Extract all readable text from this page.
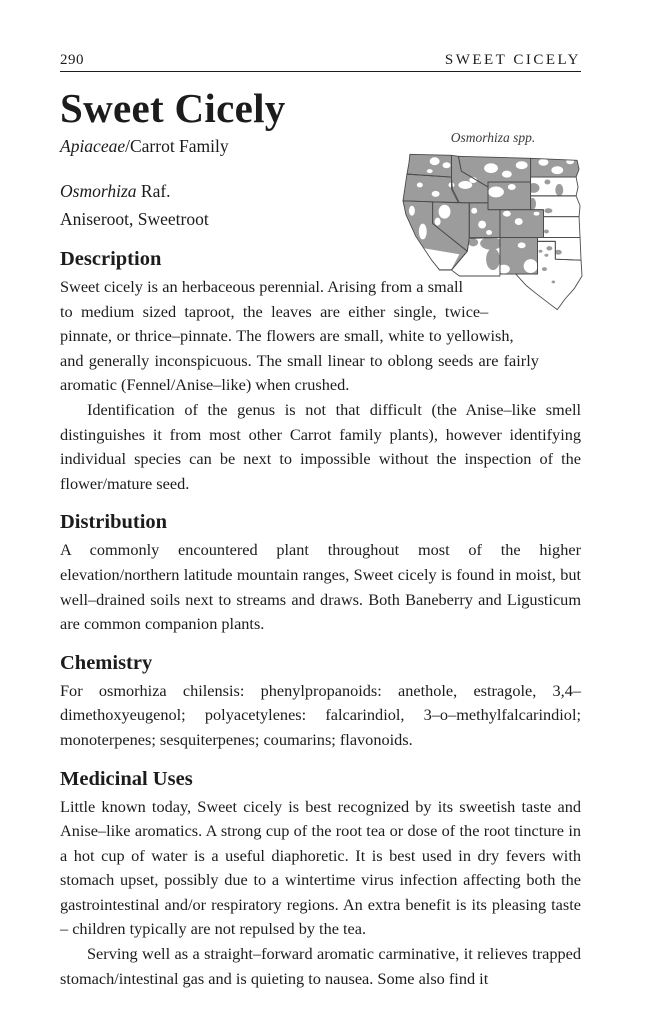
290	SWEET CICELY
Sweet Cicely

Apiaceae/Carrot Family	Osmorhiza spp.

Osmorhiza Raf.

Aniseroot, Sweetroot

Description

Sweet cicely is an herbaceous perennial. Arising from a small to medium sized taproot, the leaves are either single, twice–pinnate, or thrice–pinnate. The flowers are small, white to yellowish, and generally inconspicuous. The small linear to oblong seeds are fairly aromatic (Fennel/Anise–like) when crushed.

Identification of the genus is not that difficult (the Anise–like smell distinguishes it from most other Carrot family plants), however identifying individual species can be next to impossible without the inspection of the flower/mature seed.

Distribution

A commonly encountered plant throughout most of the higher elevation/northern latitude mountain ranges, Sweet cicely is found in moist, but well–drained soils next to streams and draws. Both Baneberry and Ligusticum are common companion plants.

Chemistry

For osmorhiza chilensis: phenylpropanoids: anethole, estragole, 3,4–dimethoxyeugenol; polyacetylenes: falcarindiol, 3–o–methylfalcarindiol; monoterpenes; sesquiterpenes; coumarins; flavonoids.

Medicinal Uses

Little known today, Sweet cicely is best recognized by its sweetish taste and Anise–like aromatics. A strong cup of the root tea or dose of the root tincture in a hot cup of water is a useful diaphoretic. It is best used in dry fevers with stomach upset, possibly due to a wintertime virus infection affecting both the gastrointestinal and/or respiratory regions. An extra benefit is its pleasing taste – children typically are not repulsed by the tea.

Serving well as a straight–forward aromatic carminative, it relieves trapped stomach/intestinal gas and is quieting to nausea. Some also find it
